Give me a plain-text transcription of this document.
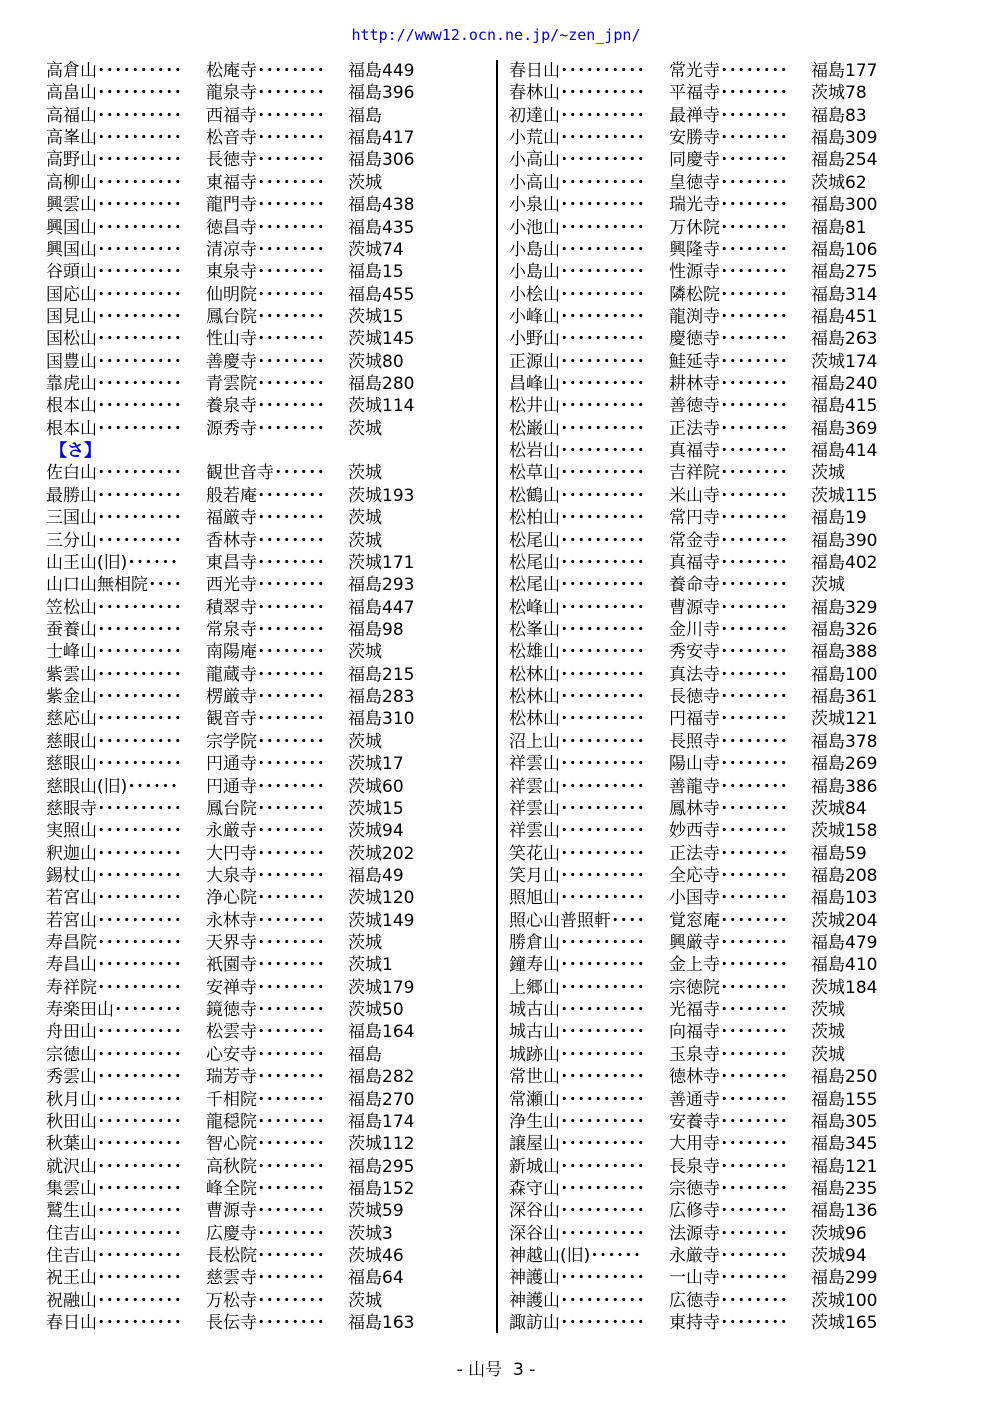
http://www12.ocn.ne.jp/~zen_jpn/
高倉山･･････････ 松庵寺････････ 福島449
高畠山･･････････ 龍泉寺････････ 福島396
高福山･･････････ 西福寺････････ 福島
高峯山･･････････ 松音寺････････ 福島417
高野山･･････････ 長徳寺････････ 福島306
高柳山･･････････ 東福寺････････ 茨城
興雲山･･････････ 龍門寺････････ 福島438
興国山･･････････ 徳昌寺････････ 福島435
興国山･･････････ 清凉寺････････ 茨城74
谷頭山･･････････ 東泉寺････････ 福島15
国応山･･････････ 仙明院････････ 福島455
国見山･･････････ 鳳台院････････ 茨城15
国松山･･････････ 性山寺････････ 茨城145
国豊山･･････････ 善慶寺････････ 茨城80
靠虎山･･････････ 青雲院････････ 福島280
根本山･･････････ 養泉寺････････ 茨城114
根本山･･････････ 源秀寺････････ 茨城
【さ】
佐白山･･････････ 観世音寺･･････ 茨城
最勝山･･････････ 般若庵････････ 茨城193
三国山･･････････ 福厳寺････････ 茨城
三分山･･････････ 香林寺････････ 茨城
山王山(旧)･･････ 東昌寺････････ 茨城171
山口山無相院････ 西光寺････････ 福島293
笠松山･･････････ 積翠寺････････ 福島447
蚕養山･･････････ 常泉寺････････ 福島98
士峰山･･････････ 南陽庵････････ 茨城
紫雲山･･････････ 龍蔵寺････････ 福島215
紫金山･･････････ 楞厳寺････････ 福島283
慈応山･･････････ 観音寺････････ 福島310
慈眼山･･････････ 宗学院････････ 茨城
慈眼山･･････････ 円通寺････････ 茨城17
慈眼山(旧)･･････ 円通寺････････ 茨城60
慈眼寺･･････････ 鳳台院････････ 茨城15
実照山･･････････ 永厳寺････････ 茨城94
釈迦山･･････････ 大円寺････････ 茨城202
錫杖山･･････････ 大泉寺････････ 福島49
若宮山･･････････ 浄心院････････ 茨城120
若宮山･･････････ 永林寺････････ 茨城149
寿昌院･･････････ 天界寺････････ 茨城
寿昌山･･････････ 祇園寺････････ 茨城1
寿祥院･･････････ 安禅寺････････ 茨城179
寿楽田山････････ 鏡徳寺････････ 茨城50
舟田山･･････････ 松雲寺････････ 福島164
宗徳山･･････････ 心安寺････････ 福島
秀雲山･･････････ 瑞芳寺････････ 福島282
秋月山･･････････ 千相院････････ 福島270
秋田山･･････････ 龍穏院････････ 福島174
秋葉山･･････････ 智心院････････ 茨城112
就沢山･･････････ 高秋院････････ 福島295
集雲山･･････････ 峰全院････････ 福島152
鷲生山･･････････ 曹源寺････････ 茨城59
住吉山･･････････ 広慶寺････････ 茨城3
住吉山･･････････ 長松院････････ 茨城46
祝王山･･････････ 慈雲寺････････ 福島64
祝融山･･････････ 万松寺････････ 茨城
春日山･･････････ 長伝寺････････ 福島163
春日山･･････････ 常光寺････････ 福島177
春林山･･････････ 平福寺････････ 茨城78
初達山･･････････ 最禅寺････････ 福島83
小荒山･･････････ 安勝寺････････ 福島309
小高山･･････････ 同慶寺････････ 福島254
小高山･･････････ 皇徳寺････････ 茨城62
小泉山･･････････ 瑞光寺････････ 福島300
小池山･･････････ 万休院････････ 福島81
小島山･･････････ 興隆寺････････ 福島106
小島山･･････････ 性源寺････････ 福島275
小桧山･･････････ 隣松院････････ 福島314
小峰山･･････････ 龍渕寺････････ 福島451
小野山･･････････ 慶徳寺････････ 福島263
正源山･･････････ 鮭延寺････････ 茨城174
昌峰山･･････････ 耕林寺････････ 福島240
松井山･･････････ 善徳寺････････ 福島415
松巌山･･････････ 正法寺････････ 福島369
松岩山･･････････ 真福寺････････ 福島414
松草山･･････････ 吉祥院････････ 茨城
松鶴山･･････････ 米山寺････････ 茨城115
松柏山･･････････ 常円寺････････ 福島19
松尾山･･････････ 常金寺････････ 福島390
松尾山･･････････ 真福寺････････ 福島402
松尾山･･････････ 養命寺････････ 茨城
松峰山･･････････ 曹源寺････････ 福島329
松峯山･･････････ 金川寺････････ 福島326
松雄山･･････････ 秀安寺････････ 福島388
松林山･･････････ 真法寺････････ 福島100
松林山･･････････ 長徳寺････････ 福島361
松林山･･････････ 円福寺････････ 茨城121
沼上山･･････････ 長照寺････････ 福島378
祥雲山･･････････ 陽山寺････････ 福島269
祥雲山･･････････ 善龍寺････････ 福島386
祥雲山･･････････ 鳳林寺････････ 茨城84
祥雲山･･････････ 妙西寺････････ 茨城158
笑花山･･････････ 正法寺････････ 福島59
笑月山･･････････ 全応寺････････ 福島208
照旭山･･････････ 小国寺････････ 福島103
照心山普照軒････ 覚窓庵････････ 茨城204
勝倉山･･････････ 興厳寺････････ 福島479
鐘寿山･･････････ 金上寺････････ 福島410
上郷山･･････････ 宗徳院････････ 茨城184
城古山･･････････ 光福寺････････ 茨城
城古山･･････････ 向福寺････････ 茨城
城跡山･･････････ 玉泉寺････････ 茨城
常世山･･････････ 徳林寺････････ 福島250
常瀬山･･････････ 善通寺････････ 福島155
浄生山･･････････ 安養寺････････ 福島305
譲屋山･･････････ 大用寺････････ 福島345
新城山･･････････ 長泉寺････････ 福島121
森守山･･････････ 宗徳寺････････ 福島235
深谷山･･････････ 広修寺････････ 福島136
深谷山･･････････ 法源寺････････ 茨城96
神越山(旧)･･････ 永厳寺････････ 茨城94
神護山･･････････ 一山寺････････ 福島299
神護山･･････････ 広徳寺････････ 茨城100
諏訪山･･････････ 東持寺････････ 茨城165
- 山号  3 -
